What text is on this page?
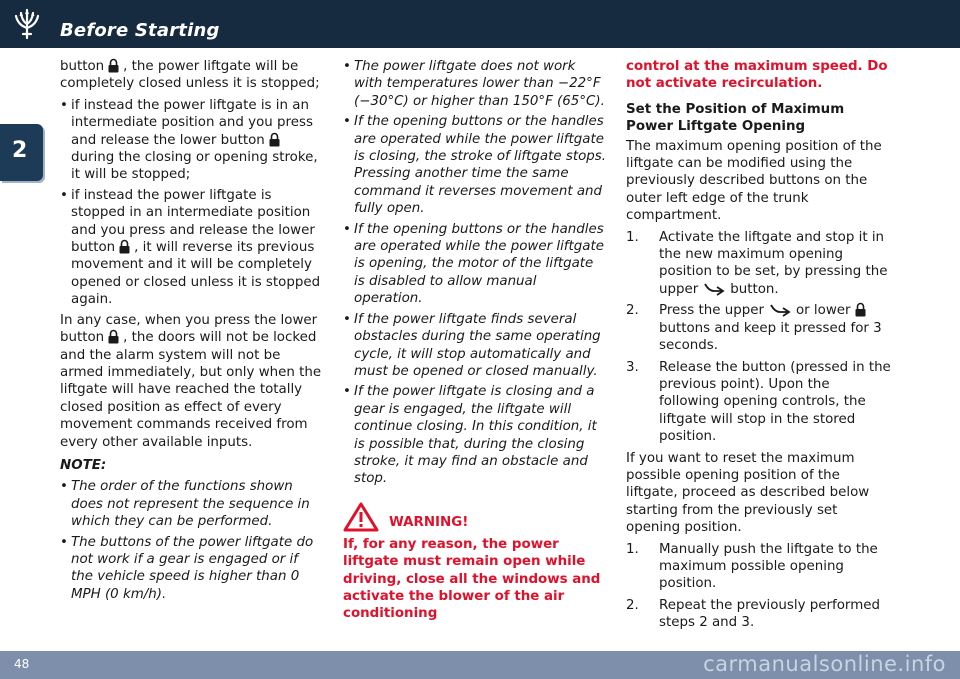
Before Starting
2

button , the power liftgate will be completely closed unless it is stopped;

• if instead the power liftgate is in an intermediate position and you press and release the lower buttonduring the closing or opening stroke, it will be stopped;
• if instead the power liftgate is stopped in an intermediate position and you press and release the lower button , it will reverse its previous movement and it will be completely opened or closed unless it is stopped again.

In any case, when you press the lower button , the doors will not be locked and the alarm system will not be armed immediately, but only when the liftgate will have reached the totally closed position as effect of every movement commands received from every other available inputs.

NOTE:

• The order of the functions shown does not represent the sequence in which they can be performed.
• The buttons of the power liftgate do not work if a gear is engaged or if the vehicle speed is higher than 0 MPH (0 km/h).
• The power liftgate does not work with temperatures lower than −22°F (−30°C) or higher than 150°F (65°C).
• If the opening buttons or the handles are operated while the power liftgate is closing, the stroke of liftgate stops. Pressing another time the same command it reverses movement and fully open.
• If the opening buttons or the handles are operated while the power liftgate is opening, the motor of the liftgate is disabled to allow manual operation.
• If the power liftgate finds several obstacles during the same operating cycle, it will stop automatically and must be opened or closed manually.
• If the power liftgate is closing and a gear is engaged, the liftgate will continue closing. In this condition, it is possible that, during the closing stroke, it may find an obstacle and stop.
WARNING!

If, for any reason, the power liftgate must remain open while driving, close all the windows and activate the blower of the air conditioning

control at the maximum speed. Do not activate recirculation.

Set the Position of Maximum Power Liftgate Opening

The maximum opening position of the liftgate can be modified using the previously described buttons on the outer left edge of the trunk compartment.

1. Activate the liftgate and stop it in the new maximum opening position to be set, by pressing the upper button.
2. Press the upper or lowerbuttons and keep it pressed for 3 seconds.
3. Release the button (pressed in the previous point). Upon the following opening controls, the liftgate will stop in the stored position.

If you want to reset the maximum possible opening position of the liftgate, proceed as described below starting from the previously set opening position.

1. Manually push the liftgate to the maximum possible opening position.
2. Repeat the previously performed steps 2 and 3.
48	carmanualsonline.info
